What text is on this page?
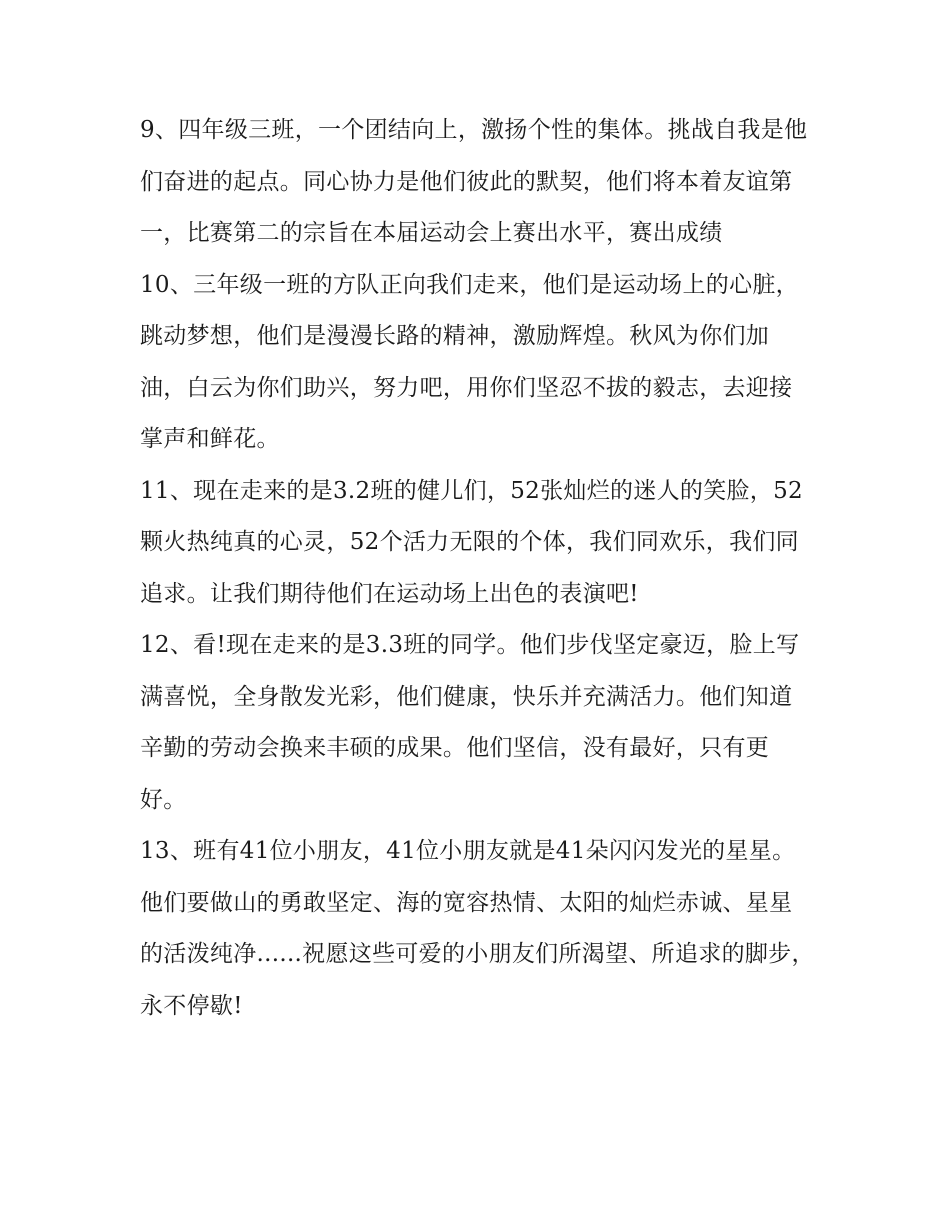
9、四年级三班，一个团结向上，激扬个性的集体。挑战自我是他们奋进的起点。同心协力是他们彼此的默契，他们将本着友谊第一，比赛第二的宗旨在本届运动会上赛出水平，赛出成绩

10、三年级一班的方队正向我们走来，他们是运动场上的心脏，跳动梦想，他们是漫漫长路的精神，激励辉煌。秋风为你们加油，白云为你们助兴，努力吧，用你们坚忍不拔的毅志，去迎接掌声和鲜花。

11、现在走来的是3.2班的健儿们，52张灿烂的迷人的笑脸，52颗火热纯真的心灵，52个活力无限的个体，我们同欢乐，我们同追求。让我们期待他们在运动场上出色的表演吧!

12、看!现在走来的是3.3班的同学。他们步伐坚定豪迈，脸上写满喜悦，全身散发光彩，他们健康，快乐并充满活力。他们知道辛勤的劳动会换来丰硕的成果。他们坚信，没有最好，只有更好。

13、班有41位小朋友，41位小朋友就是41朵闪闪发光的星星。

他们要做山的勇敢坚定、海的宽容热情、太阳的灿烂赤诚、星星的活泼纯净......祝愿这些可爱的小朋友们所渴望、所追求的脚步，永不停歇!
